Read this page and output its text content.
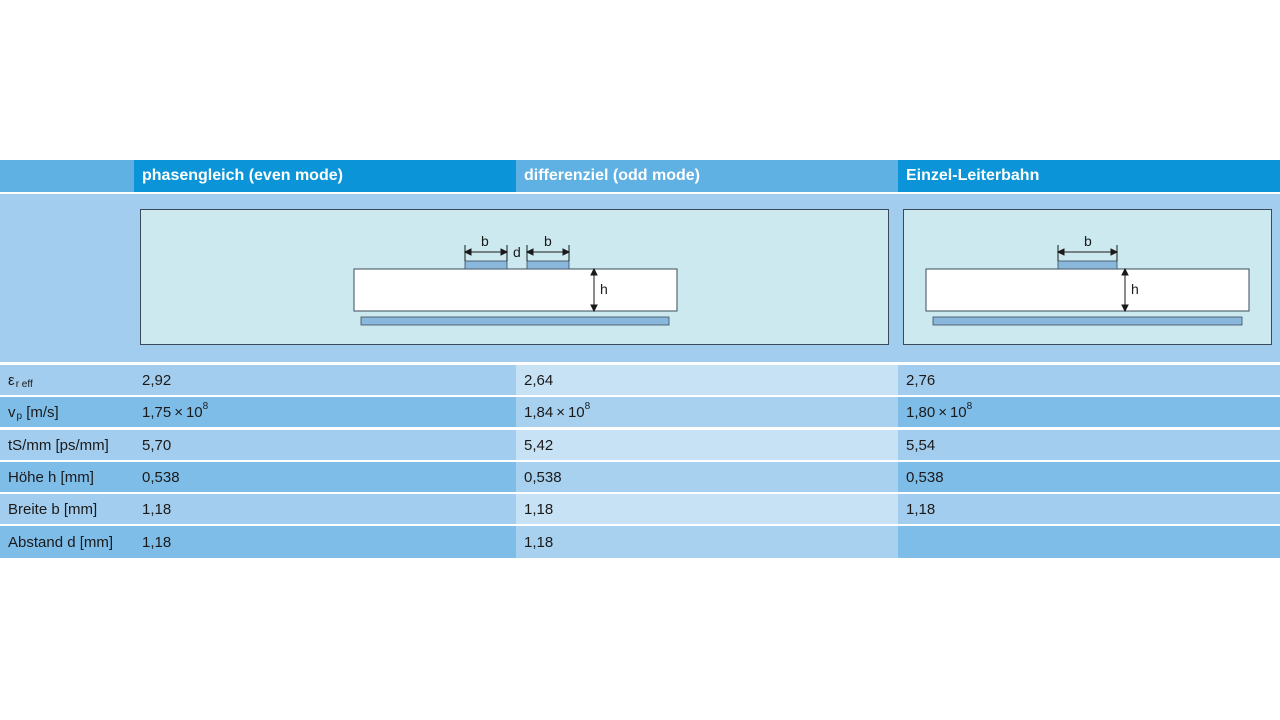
phasengleich (even mode)	differenziel (odd mode)	Einzel-Leiterbahn
b
d
b
h
b
h
ε r eff	2,92	2,64	2,76
v p [m/s]	1,75 × 10 8	1,84 × 10 8	1,80 × 10 8
tS/mm [ps/mm]	5,70	5,42	5,54
Höhe h [mm]	0,538	0,538	0,538
Breite b [mm]	1,18	1,18	1,18
Abstand d [mm]	1,18	1,18
